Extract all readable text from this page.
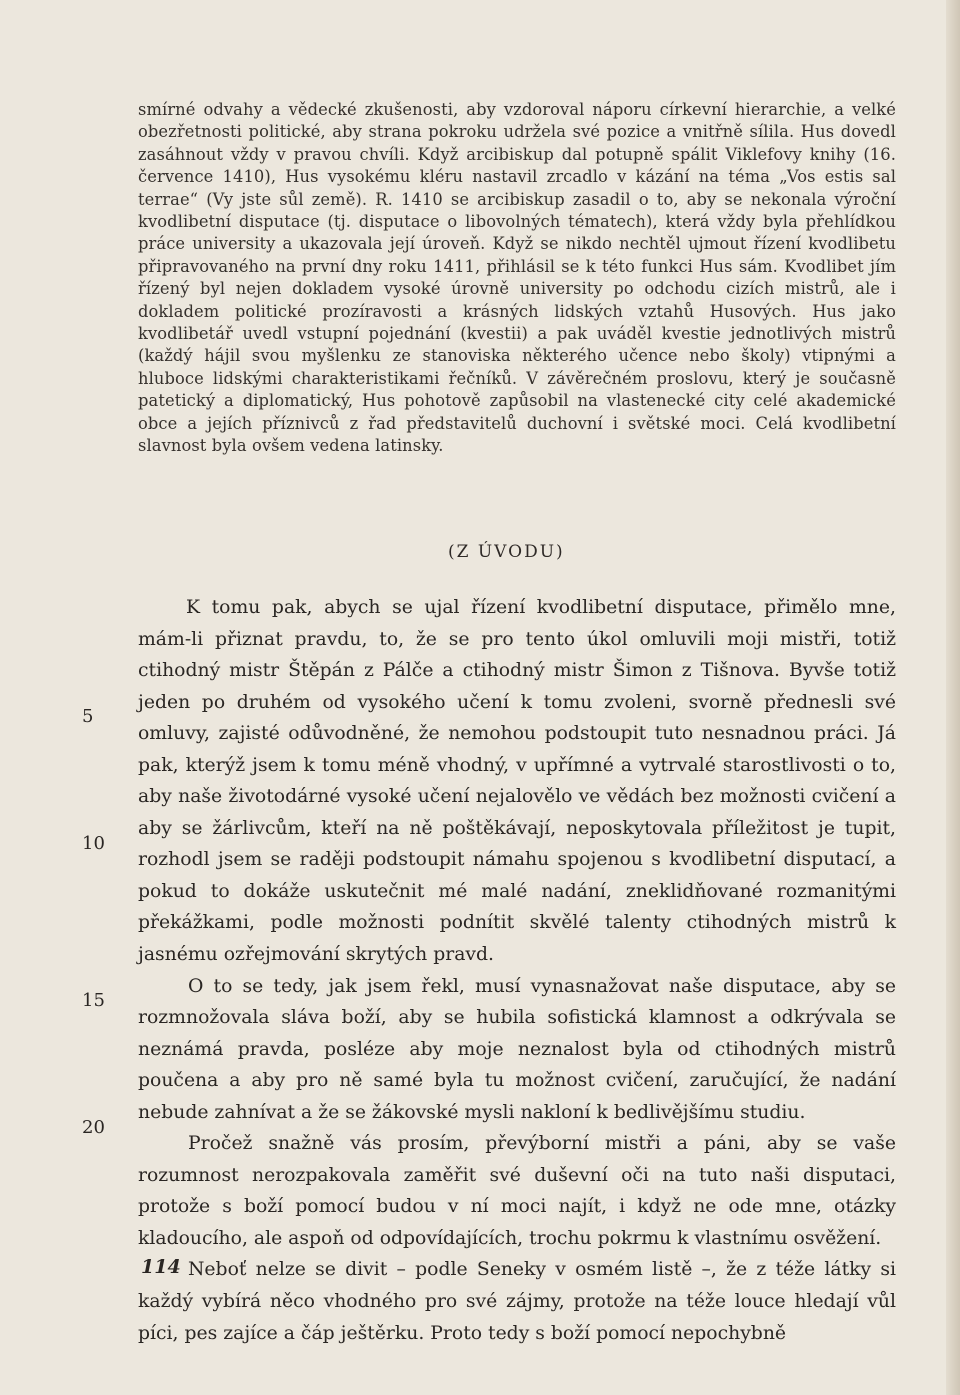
smírné odvahy a vědecké zkušenosti, aby vzdoroval náporu církevní hierarchie, a velké obezřetnosti politické, aby strana pokroku udržela své pozice a vnitřně sílila. Hus dovedl zasáhnout vždy v pravou chvíli. Když arcibiskup dal potupně spálit Viklefovy knihy (16. července 1410), Hus vysokému kléru nastavil zrcadlo v kázání na téma „Vos estis sal terrae“ (Vy jste sůl země). R. 1410 se arcibiskup zasadil o to, aby se nekonala výroční kvodlibetní disputace (tj. disputace o libovolných tématech), která vždy byla přehlídkou práce university a ukazovala její úroveň. Když se nikdo nechtěl ujmout řízení kvodlibetu připravovaného na první dny roku 1411, přihlásil se k této funkci Hus sám. Kvodlibet jím řízený byl nejen dokladem vysoké úrovně university po odchodu cizích mistrů, ale i dokladem politické prozíravosti a krásných lidských vztahů Husových. Hus jako kvodlibetář uvedl vstupní pojednání (kvestii) a pak uváděl kvestie jednotlivých mistrů (každý hájil svou myšlenku ze stanoviska některého učence nebo školy) vtipnými a hluboce lidskými charakteristikami řečníků. V závěrečném proslovu, který je současně patetický a diplomatický, Hus pohotově zapůsobil na vlastenecké city celé akademické obce a jejích příznivců z řad představitelů duchovní i světské moci. Celá kvodlibetní slavnost byla ovšem vedena latinsky.
(Z ÚVODU)

K tomu pak, abych se ujal řízení kvodlibetní disputace, přimělo mne, mám-li přiznat pravdu, to, že se pro tento úkol omluvili moji mistři, totiž ctihodný mistr Štěpán z Pálče a ctihodný mistr Šimon z Tišnova. Byvše totiž jeden po druhém od vysokého učení k tomu zvoleni, svorně přednesli své omluvy, zajisté odůvodněné, že nemohou podstoupit tuto nesnadnou práci. Já pak, kterýž jsem k tomu méně vhodný, v upřímné a vytrvalé starostlivosti o to, aby naše životodárné vysoké učení nejalovělo ve vědách bez možnosti cvičení a aby se žárlivcům, kteří na ně poštěkávají, neposkytovala příležitost je tupit, rozhodl jsem se raději podstoupit námahu spojenou s kvodlibetní disputací, a pokud to dokáže uskutečnit mé malé nadání, zneklidňované rozmanitými překážkami, podle možnosti podnítit skvělé talenty ctihodných mistrů k jasnému ozřejmování skrytých pravd.

O to se tedy, jak jsem řekl, musí vynasnažovat naše disputace, aby se rozmnožovala sláva boží, aby se hubila sofistická klamnost a odkrývala se neznámá pravda, posléze aby moje neznalost byla od ctihodných mistrů poučena a aby pro ně samé byla tu možnost cvičení, zaručující, že nadání nebude zahnívat a že se žákovské mysli nakloní k bedlivějšímu studiu.

Pročež snažně vás prosím, převýborní mistři a páni, aby se vaše rozumnost nerozpakovala zaměřit své duševní oči na tuto naši disputaci, protože s boží pomocí budou v ní moci najít, i když ne ode mne, otázky kladoucího, ale aspoň od odpovídajících, trochu pokrmu k vlastnímu osvěžení.

Neboť nelze se divit – podle Seneky v osmém listě –, že z téže látky si každý vybírá něco vhodného pro své zájmy, protože na téže louce hledají vůl píci, pes zajíce a čáp ještěrku. Proto tedy s boží pomocí nepochybně

5
10
15
20
114
